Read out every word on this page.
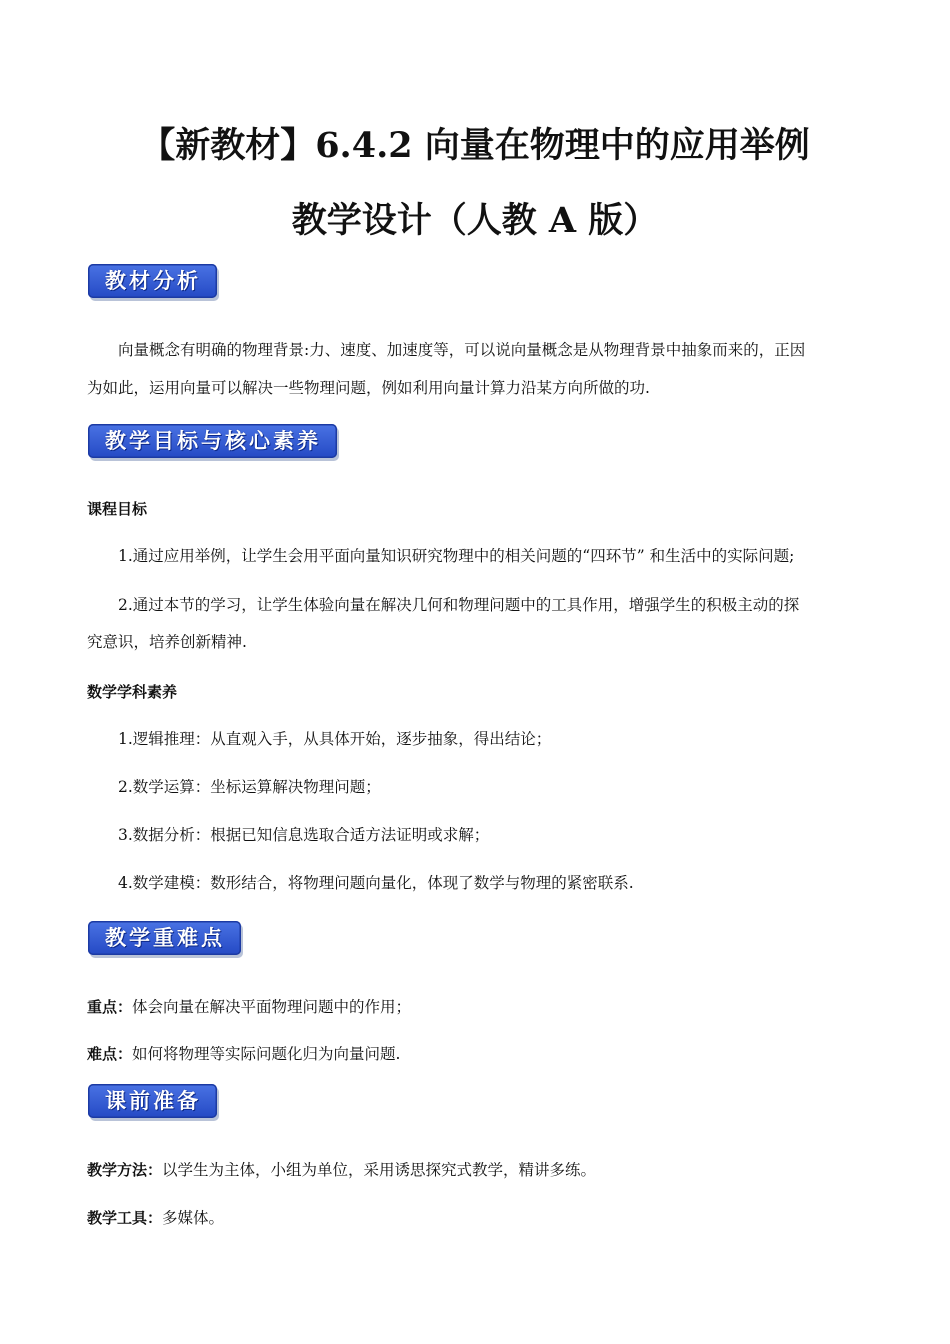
【新教材】6.4.2 向量在物理中的应用举例
教学设计（人教 A 版）
教材分析

向量概念有明确的物理背景:力、速度、加速度等，可以说向量概念是从物理背景中抽象而来的，正因

为如此，运用向量可以解决一些物理问题，例如利用向量计算力沿某方向所做的功.

教学目标与核心素养

课程目标

1.通过应用举例，让学生会用平面向量知识研究物理中的相关问题的“四环节” 和生活中的实际问题;

2.通过本节的学习，让学生体验向量在解决几何和物理问题中的工具作用，增强学生的积极主动的探

究意识，培养创新精神.

数学学科素养

1.逻辑推理：从直观入手，从具体开始，逐步抽象，得出结论；

2.数学运算：坐标运算解决物理问题；

3.数据分析：根据已知信息选取合适方法证明或求解；

4.数学建模：数形结合，将物理问题向量化，体现了数学与物理的紧密联系.

教学重难点

重点：体会向量在解决平面物理问题中的作用；

难点：如何将物理等实际问题化归为向量问题.

课前准备

教学方法：以学生为主体，小组为单位，采用诱思探究式教学，精讲多练。

教学工具：多媒体。
